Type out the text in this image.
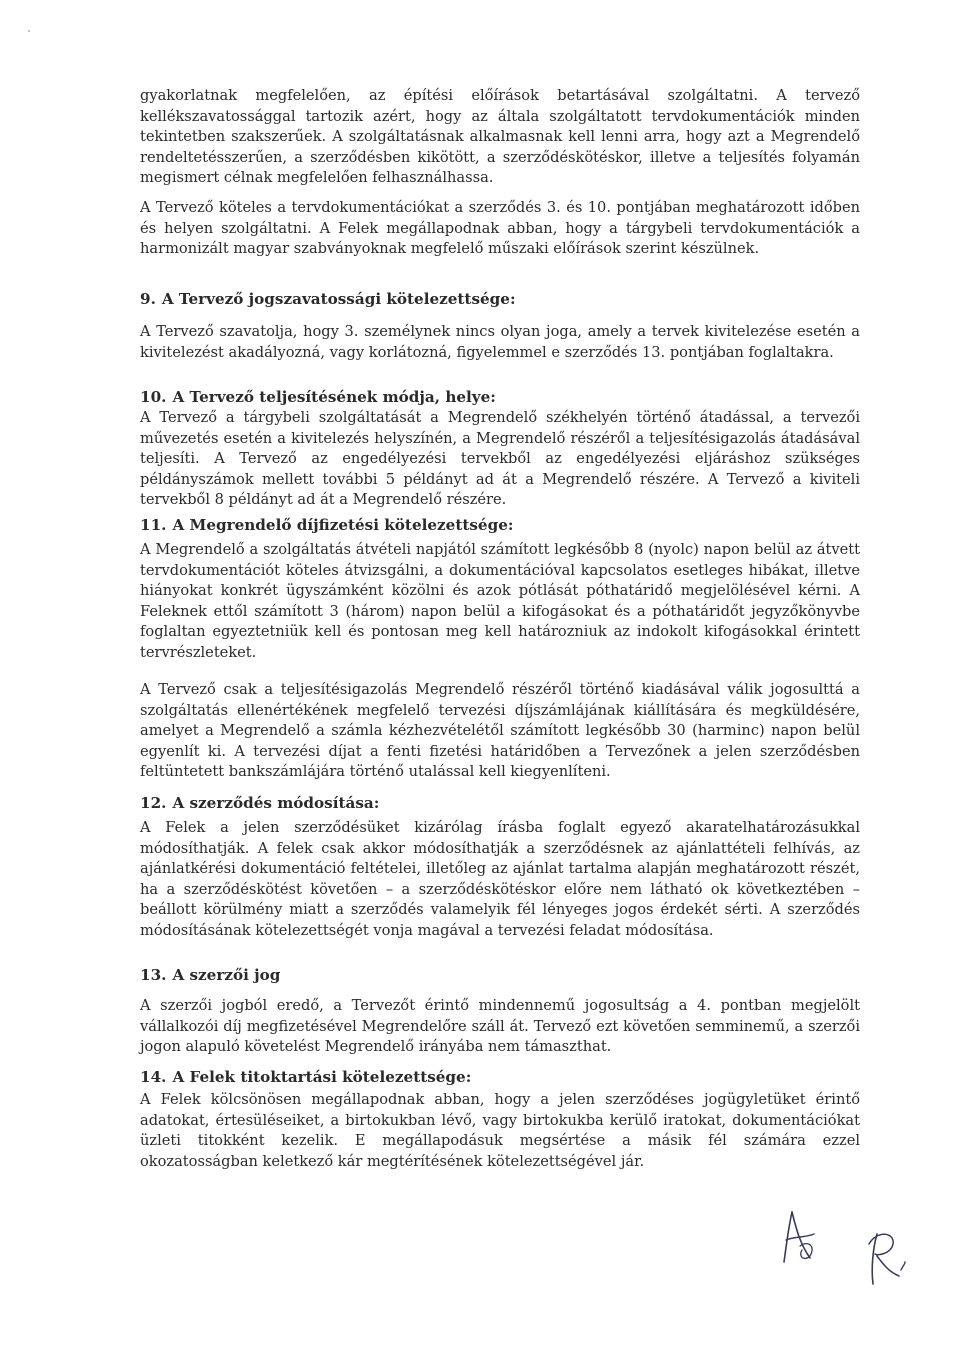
gyakorlatnak megfelelően, az építési előírások betartásával szolgáltatni. A tervező kellékszavatossággal tartozik azért, hogy az általa szolgáltatott tervdokumentációk minden tekintetben szakszerűek. A szolgáltatásnak alkalmasnak kell lenni arra, hogy azt a Megrendelő rendeltetésszerűen, a szerződésben kikötött, a szerződéskötéskor, illetve a teljesítés folyamán megismert célnak megfelelően felhasználhassa.

A Tervező köteles a tervdokumentációkat a szerződés 3. és 10. pontjában meghatározott időben és helyen szolgáltatni. A Felek megállapodnak abban, hogy a tárgybeli tervdokumentációk a harmonizált magyar szabványoknak megfelelő műszaki előírások szerint készülnek.

9. A Tervező jogszavatossági kötelezettsége:

A Tervező szavatolja, hogy 3. személynek nincs olyan joga, amely a tervek kivitelezése esetén a kivitelezést akadályozná, vagy korlátozná, figyelemmel e szerződés 13. pontjában foglaltakra.

10. A Tervező teljesítésének módja, helye:

A Tervező a tárgybeli szolgáltatását a Megrendelő székhelyén történő átadással, a tervezői művezetés esetén a kivitelezés helyszínén, a Megrendelő részéről a teljesítésigazolás átadásával teljesíti. A Tervező az engedélyezési tervekből az engedélyezési eljáráshoz szükséges példányszámok mellett további 5 példányt ad át a Megrendelő részére. A Tervező a kiviteli tervekből 8 példányt ad át a Megrendelő részére.

11. A Megrendelő díjfizetési kötelezettsége:

A Megrendelő a szolgáltatás átvételi napjától számított legkésőbb 8 (nyolc) napon belül az átvett tervdokumentációt köteles átvizsgálni, a dokumentációval kapcsolatos esetleges hibákat, illetve hiányokat konkrét ügyszámként közölni és azok pótlását póthatáridő megjelölésével kérni. A Feleknek ettől számított 3 (három) napon belül a kifogásokat és a póthatáridőt jegyzőkönyvbe foglaltan egyeztetniük kell és pontosan meg kell határozniuk az indokolt kifogásokkal érintett tervrészleteket.

A Tervező csak a teljesítésigazolás Megrendelő részéről történő kiadásával válik jogosulttá a szolgáltatás ellenértékének megfelelő tervezési díjszámlájának kiállítására és megküldésére, amelyet a Megrendelő a számla kézhezvételétől számított legkésőbb 30 (harminc) napon belül egyenlít ki. A tervezési díjat a fenti fizetési határidőben a Tervezőnek a jelen szerződésben feltüntetett bankszámlájára történő utalással kell kiegyenlíteni.

12. A szerződés módosítása:

A Felek a jelen szerződésüket kizárólag írásba foglalt egyező akaratelhatározásukkal módosíthatják. A felek csak akkor módosíthatják a szerződésnek az ajánlattételi felhívás, az ajánlatkérési dokumentáció feltételei, illetőleg az ajánlat tartalma alapján meghatározott részét, ha a szerződéskötést követően – a szerződéskötéskor előre nem látható ok következtében – beállott körülmény miatt a szerződés valamelyik fél lényeges jogos érdekét sérti. A szerződés módosításának kötelezettségét vonja magával a tervezési feladat módosítása.

13. A szerzői jog

A szerzői jogból eredő, a Tervezőt érintő mindennemű jogosultság a 4. pontban megjelölt vállalkozói díj megfizetésével Megrendelőre száll át. Tervező ezt követően semminemű, a szerzői jogon alapuló követelést Megrendelő irányába nem támaszthat.

14. A Felek titoktartási kötelezettsége:

A Felek kölcsönösen megállapodnak abban, hogy a jelen szerződéses jogügyletüket érintő adatokat, értesüléseiket, a birtokukban lévő, vagy birtokukba kerülő iratokat, dokumentációkat üzleti titokként kezelik. E megállapodásuk megsértése a másik fél számára ezzel okozatosságban keletkező kár megtérítésének kötelezettségével jár.
